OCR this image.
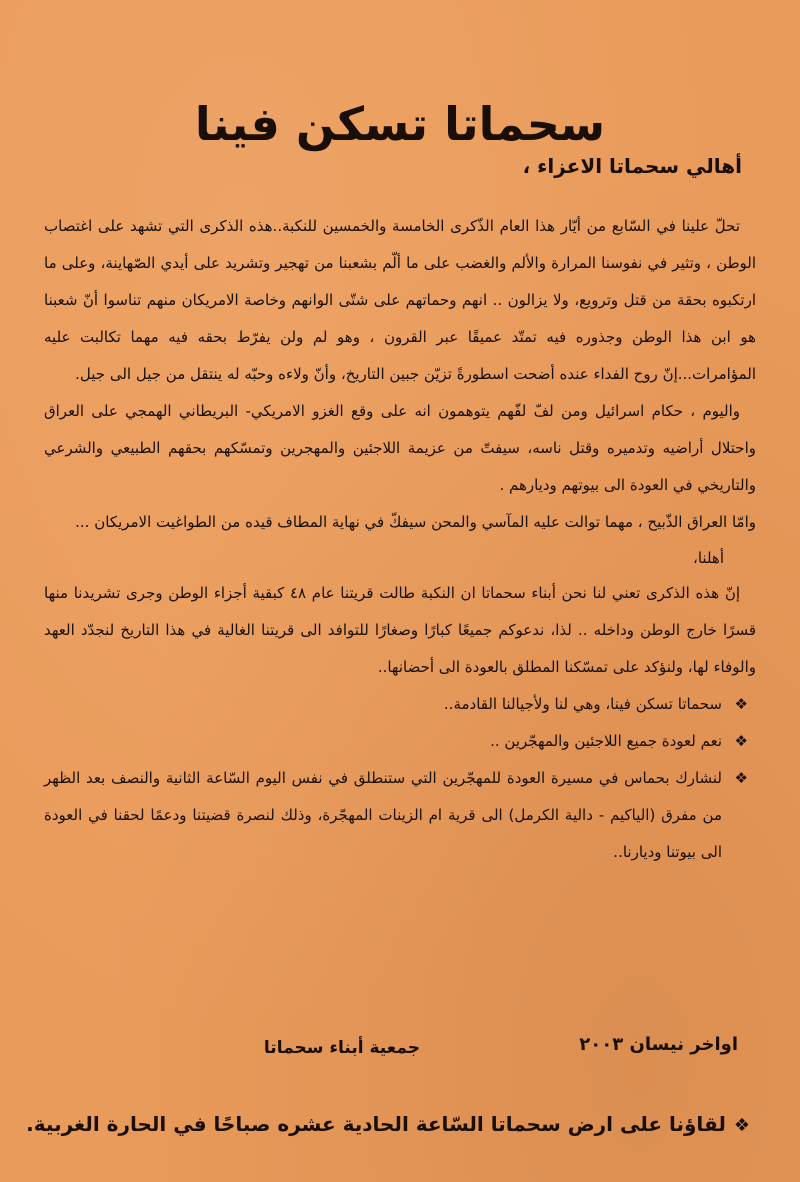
سحماتا تسكن فينا
أهالي سحماتا الاعزاء ،

تحلّ علينا في السّابع من أيّار هذا العام الذّكرى الخامسة والخمسين للنكبة..هذه الذكرى التي تشهد على اغتصاب الوطن ، وتثير في نفوسنا المرارة والألم والغضب على ما ألّم بشعبنا من تهجير وتشريد على أيدي الصّهاينة، وعلى ما ارتكبوه بحقة من قتل وترويع، ولا يزالون .. انهم وحماتهم على شتّى الوانهم وخاصة الامريكان منهم تناسوا أنّ شعبنا هو ابن هذا الوطن وجذوره فيه تمتّد عميقًا عبر القرون ، وهو لم ولن يفرّط بحقه فيه مهما تكالبت عليه المؤامرات...إنّ روح الفداء عنده أضحت اسطورةً تزيّن جبين التاريخ، وأنّ ولاءه وحبّه له ينتقل من جيل الى جيل.

واليوم ، حكام اسرائيل ومن لفّ لفّهم يتوهمون انه على وقع الغزو الامريكي- البريطاني الهمجي على العراق واحتلال أراضيه وتدميره وقتل ناسه، سيفتّ من عزيمة اللاجئين والمهجرين وتمسّكهم بحقهم الطبيعي والشرعي والتاريخي في العودة الى بيوتهم وديارهم .

وامّا العراق الذّبيح ، مهما توالت عليه المآسي والمحن سيفكّ في نهاية المطاف قيده من الطواغيت الامريكان ...

أهلنا،

إنّ هذه الذكرى تعني لنا نحن أبناء سحماتا ان النكبة طالت قريتنا عام ٤٨ كبقية أجزاء الوطن وجرى تشريدنا منها قسرًا خارج الوطن وداخله .. لذا، ندعوكم جميعًا كبارًا وصغارًا للتوافد الى قريتنا الغالية في هذا التاريخ لنجدّد العهد والوفاء لها، ولنؤكد على تمسّكنا المطلق بالعودة الى أحضانها..

❖
سحماتا تسكن فينا، وهي لنا ولأجيالنا القادمة..
❖
نعم لعودة جميع اللاجئين والمهجّرين ..
❖
لنشارك بحماس في مسيرة العودة للمهجّرين التي ستنطلق في نفس اليوم السّاعة الثانية والنصف بعد الظهر من مفرق (الياكيم - دالية الكرمل) الى قرية ام الزينات المهجّرة، وذلك لنصرة قضيتنا ودعمًا لحقنا في العودة الى بيوتنا وديارنا..
اواخر نيسان ٢٠٠٣
جمعية أبناء سحماتا
❖لقاؤنا على ارض سحماتا السّاعة الحادية عشره صباحًا في الحارة الغربية.
